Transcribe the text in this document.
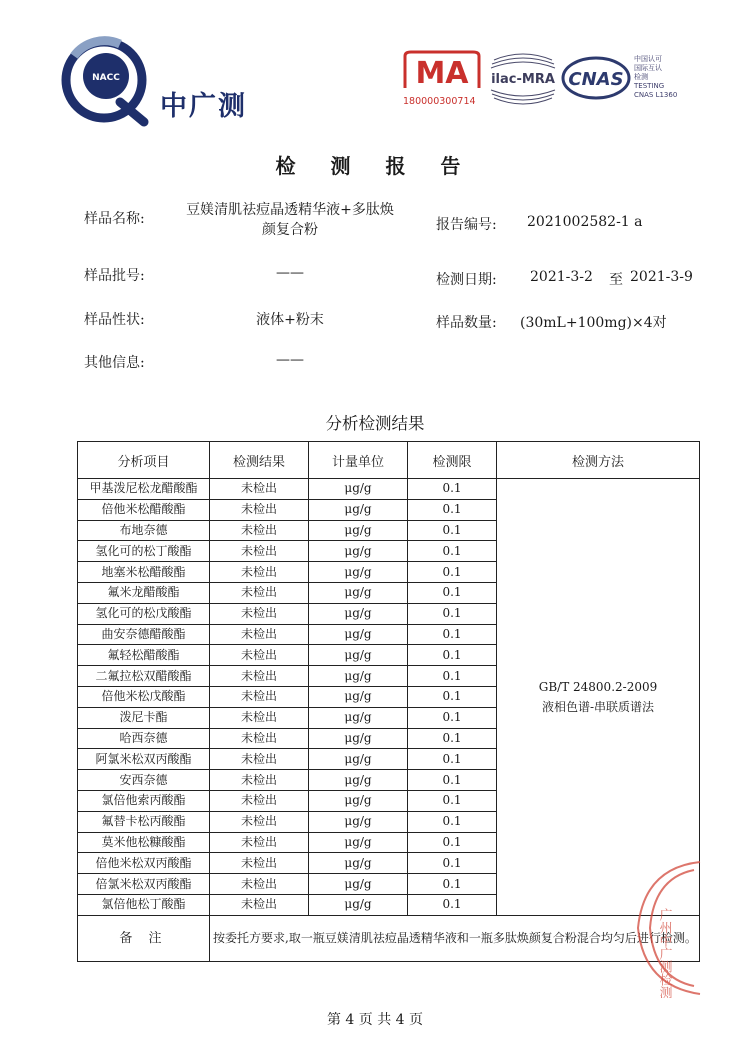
NACC
中广测
MA
180000300714
ilac-MRA CNAS
中国认可
国际互认
检测
TESTING
CNAS L1360
检 测 报 告
样品名称:
豆媄清肌祛痘晶透精华液+多肽焕
颜复合粉	报告编号: 2021002582-1 a
样品批号:	——	检测日期: 2021-3-2 至 2021-3-9
样品性状:	液体+粉末	样品数量: (30mL+100mg)×4对
其他信息:	——
分析检测结果
分析项目	检测结果	计量单位	检测限	检测方法
甲基泼尼松龙醋酸酯	未检出	μg/g	0.1	GB/T 24800.2-2009
液相色谱-串联质谱法

倍他米松醋酸酯	未检出	μg/g	0.1	
布地奈德	未检出	μg/g	0.1	
氢化可的松丁酸酯	未检出	μg/g	0.1	
地塞米松醋酸酯	未检出	μg/g	0.1	
氟米龙醋酸酯	未检出	μg/g	0.1	
氢化可的松戊酸酯	未检出	μg/g	0.1	
曲安奈德醋酸酯	未检出	μg/g	0.1	
氟轻松醋酸酯	未检出	μg/g	0.1	
二氟拉松双醋酸酯	未检出	μg/g	0.1	
倍他米松戊酸酯	未检出	μg/g	0.1	
泼尼卡酯	未检出	μg/g	0.1	
哈西奈德	未检出	μg/g	0.1	
阿氯米松双丙酸酯	未检出	μg/g	0.1	
安西奈德	未检出	μg/g	0.1	
氯倍他索丙酸酯	未检出	μg/g	0.1	
氟替卡松丙酸酯	未检出	μg/g	0.1	
莫米他松糠酸酯	未检出	μg/g	0.1	
倍他米松双丙酸酯	未检出	μg/g	0.1	
倍氯米松双丙酸酯	未检出	μg/g	0.1	
氯倍他松丁酸酯	未检出	μg/g	0.1	
备 注	按委托方要求,取一瓶豆媄清肌祛痘晶透精华液和一瓶多肽焕颜复合粉混合均匀后进行检测。			
广州中广测检测
第 4 页 共 4 页
